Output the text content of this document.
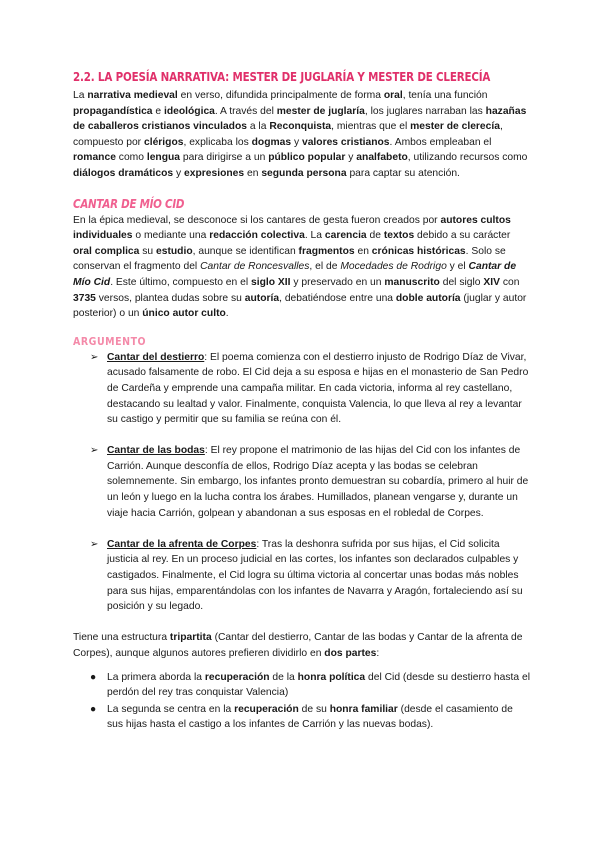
2.2. LA POESÍA NARRATIVA: MESTER DE JUGLARÍA Y MESTER DE CLERECÍA

La narrativa medieval en verso, difundida principalmente de forma oral, tenía una función propagandística e ideológica. A través del mester de juglaría, los juglares narraban las hazañas de caballeros cristianos vinculados a la Reconquista, mientras que el mester de clerecía, compuesto por clérigos, explicaba los dogmas y valores cristianos. Ambos empleaban el romance como lengua para dirigirse a un público popular y analfabeto, utilizando recursos como diálogos dramáticos y expresiones en segunda persona para captar su atención.

CANTAR DE MÍO CID

En la épica medieval, se desconoce si los cantares de gesta fueron creados por autores cultos individuales o mediante una redacción colectiva. La carencia de textos debido a su carácter oral complica su estudio, aunque se identifican fragmentos en crónicas históricas. Solo se conservan el fragmento del Cantar de Roncesvalles, el de Mocedades de Rodrigo y el Cantar de Mío Cid. Este último, compuesto en el siglo XII y preservado en un manuscrito del siglo XIV con 3735 versos, plantea dudas sobre su autoría, debatiéndose entre una doble autoría (juglar y autor posterior) o un único autor culto.

ARGUMENTO
➢ Cantar del destierro: El poema comienza con el destierro injusto de Rodrigo Díaz de Vivar, acusado falsamente de robo. El Cid deja a su esposa e hijas en el monasterio de San Pedro de Cardeña y emprende una campaña militar. En cada victoria, informa al rey castellano, destacando su lealtad y valor. Finalmente, conquista Valencia, lo que lleva al rey a levantar su castigo y permitir que su familia se reúna con él.
➢ Cantar de las bodas: El rey propone el matrimonio de las hijas del Cid con los infantes de Carrión. Aunque desconfía de ellos, Rodrigo Díaz acepta y las bodas se celebran solemnemente. Sin embargo, los infantes pronto demuestran su cobardía, primero al huir de un león y luego en la lucha contra los árabes. Humillados, planean vengarse y, durante un viaje hacia Carrión, golpean y abandonan a sus esposas en el robledal de Corpes.
➢ Cantar de la afrenta de Corpes: Tras la deshonra sufrida por sus hijas, el Cid solicita justicia al rey. En un proceso judicial en las cortes, los infantes son declarados culpables y castigados. Finalmente, el Cid logra su última victoria al concertar unas bodas más nobles para sus hijas, emparentándolas con los infantes de Navarra y Aragón, fortaleciendo así su posición y su legado.

Tiene una estructura tripartita (Cantar del destierro, Cantar de las bodas y Cantar de la afrenta de Corpes), aunque algunos autores prefieren dividirlo en dos partes:

● La primera aborda la recuperación de la honra política del Cid (desde su destierro hasta el perdón del rey tras conquistar Valencia)
● La segunda se centra en la recuperación de su honra familiar (desde el casamiento de sus hijas hasta el castigo a los infantes de Carrión y las nuevas bodas).
